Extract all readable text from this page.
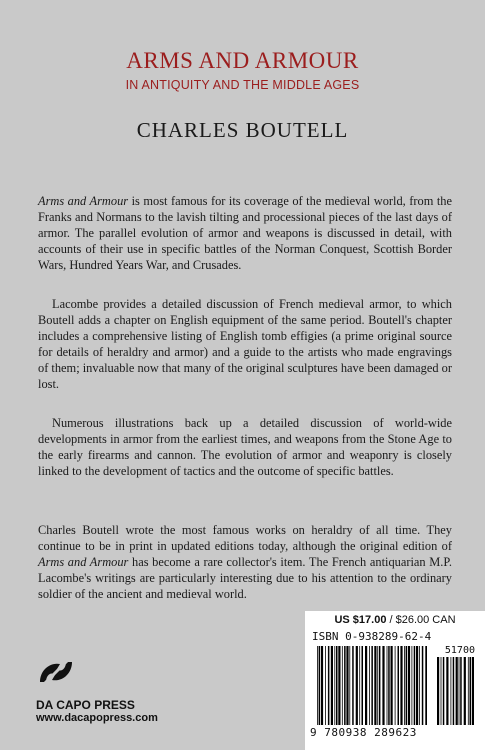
ARMS AND ARMOUR
IN ANTIQUITY AND THE MIDDLE AGES
CHARLES BOUTELL

Arms and Armour is most famous for its coverage of the medieval world, from the Franks and Normans to the lavish tilting and processional pieces of the last days of armor. The parallel evolution of armor and weapons is discussed in detail, with accounts of their use in specific battles of the Norman Conquest, Scottish Border Wars, Hundred Years War, and Crusades.

Lacombe provides a detailed discussion of French medieval armor, to which Boutell adds a chapter on English equipment of the same period. Boutell's chapter includes a comprehensive listing of English tomb effigies (a prime original source for details of heraldry and armor) and a guide to the artists who made engravings of them; invaluable now that many of the original sculptures have been damaged or lost.

Numerous illustrations back up a detailed discussion of world-wide developments in armor from the earliest times, and weapons from the Stone Age to the early firearms and cannon. The evolution of armor and weaponry is closely linked to the development of tactics and the outcome of specific battles.

Charles Boutell wrote the most famous works on heraldry of all time. They continue to be in print in updated editions today, although the original edition of Arms and Armour has become a rare collector's item. The French antiquarian M.P. Lacombe's writings are particularly interesting due to his attention to the ordinary soldier of the ancient and medieval world.

US $17.00 / $26.00 CAN
ISBN 0-938289-62-4
51700
9 780938 289623
DA CAPO PRESS
www.dacapopress.com
